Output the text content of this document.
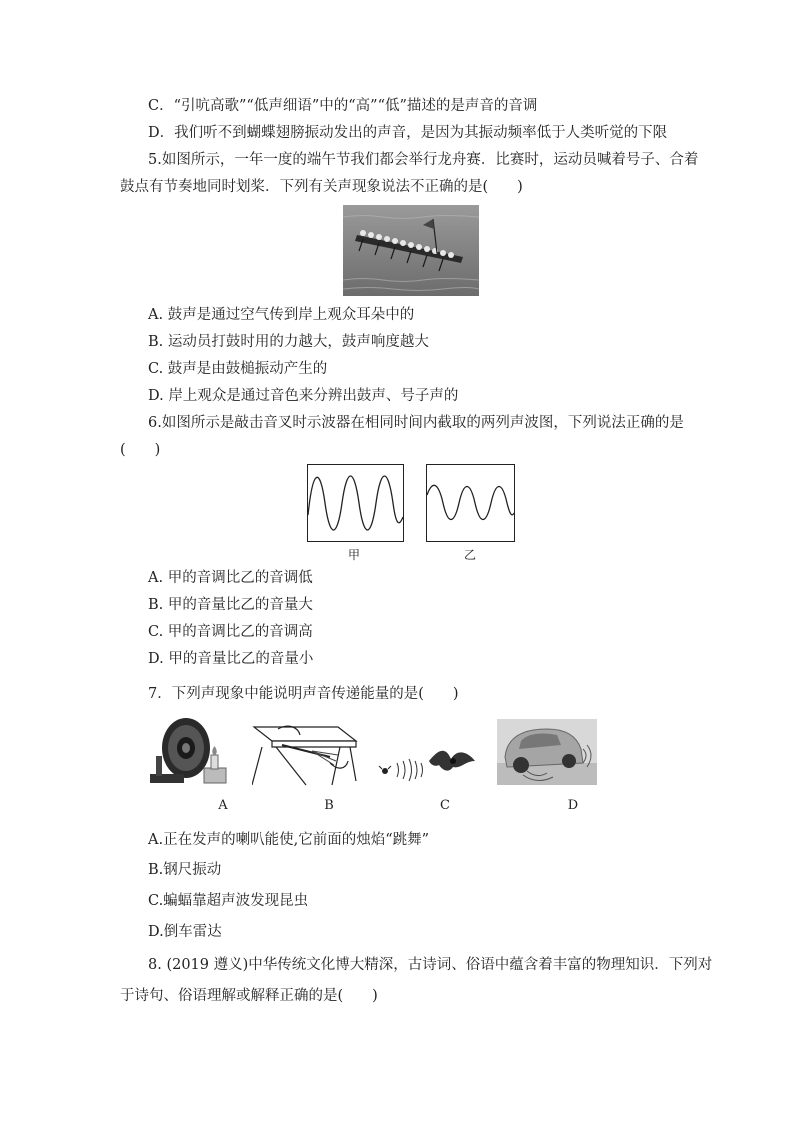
C．“引吭高歌”“低声细语”中的“高”“低”描述的是声音的音调
D．我们听不到蝴蝶翅膀振动发出的声音，是因为其振动频率低于人类听觉的下限
5.如图所示，一年一度的端午节我们都会举行龙舟赛．比赛时，运动员喊着号子、合着
鼓点有节奏地同时划桨．下列有关声现象说法不正确的是(　　)
A. 鼓声是通过空气传到岸上观众耳朵中的
B. 运动员打鼓时用的力越大，鼓声响度越大
C. 鼓声是由鼓槌振动产生的
D. 岸上观众是通过音色来分辨出鼓声、号子声的
6.如图所示是敲击音叉时示波器在相同时间内截取的两列声波图，下列说法正确的是
(　　)
甲	乙
A. 甲的音调比乙的音调低
B. 甲的音量比乙的音量大
C. 甲的音调比乙的音调高
D. 甲的音量比乙的音量小
7．下列声现象中能说明声音传递能量的是(　　)
A	B	C	D
A.正在发声的喇叭能使,它前面的烛焰“跳舞”
B.钢尺振动
C.蝙蝠靠超声波发现昆虫
D.倒车雷达
8. (2019 遵义)中华传统文化博大精深，古诗词、俗语中蕴含着丰富的物理知识．下列对
于诗句、俗语理解或解释正确的是(　　)
